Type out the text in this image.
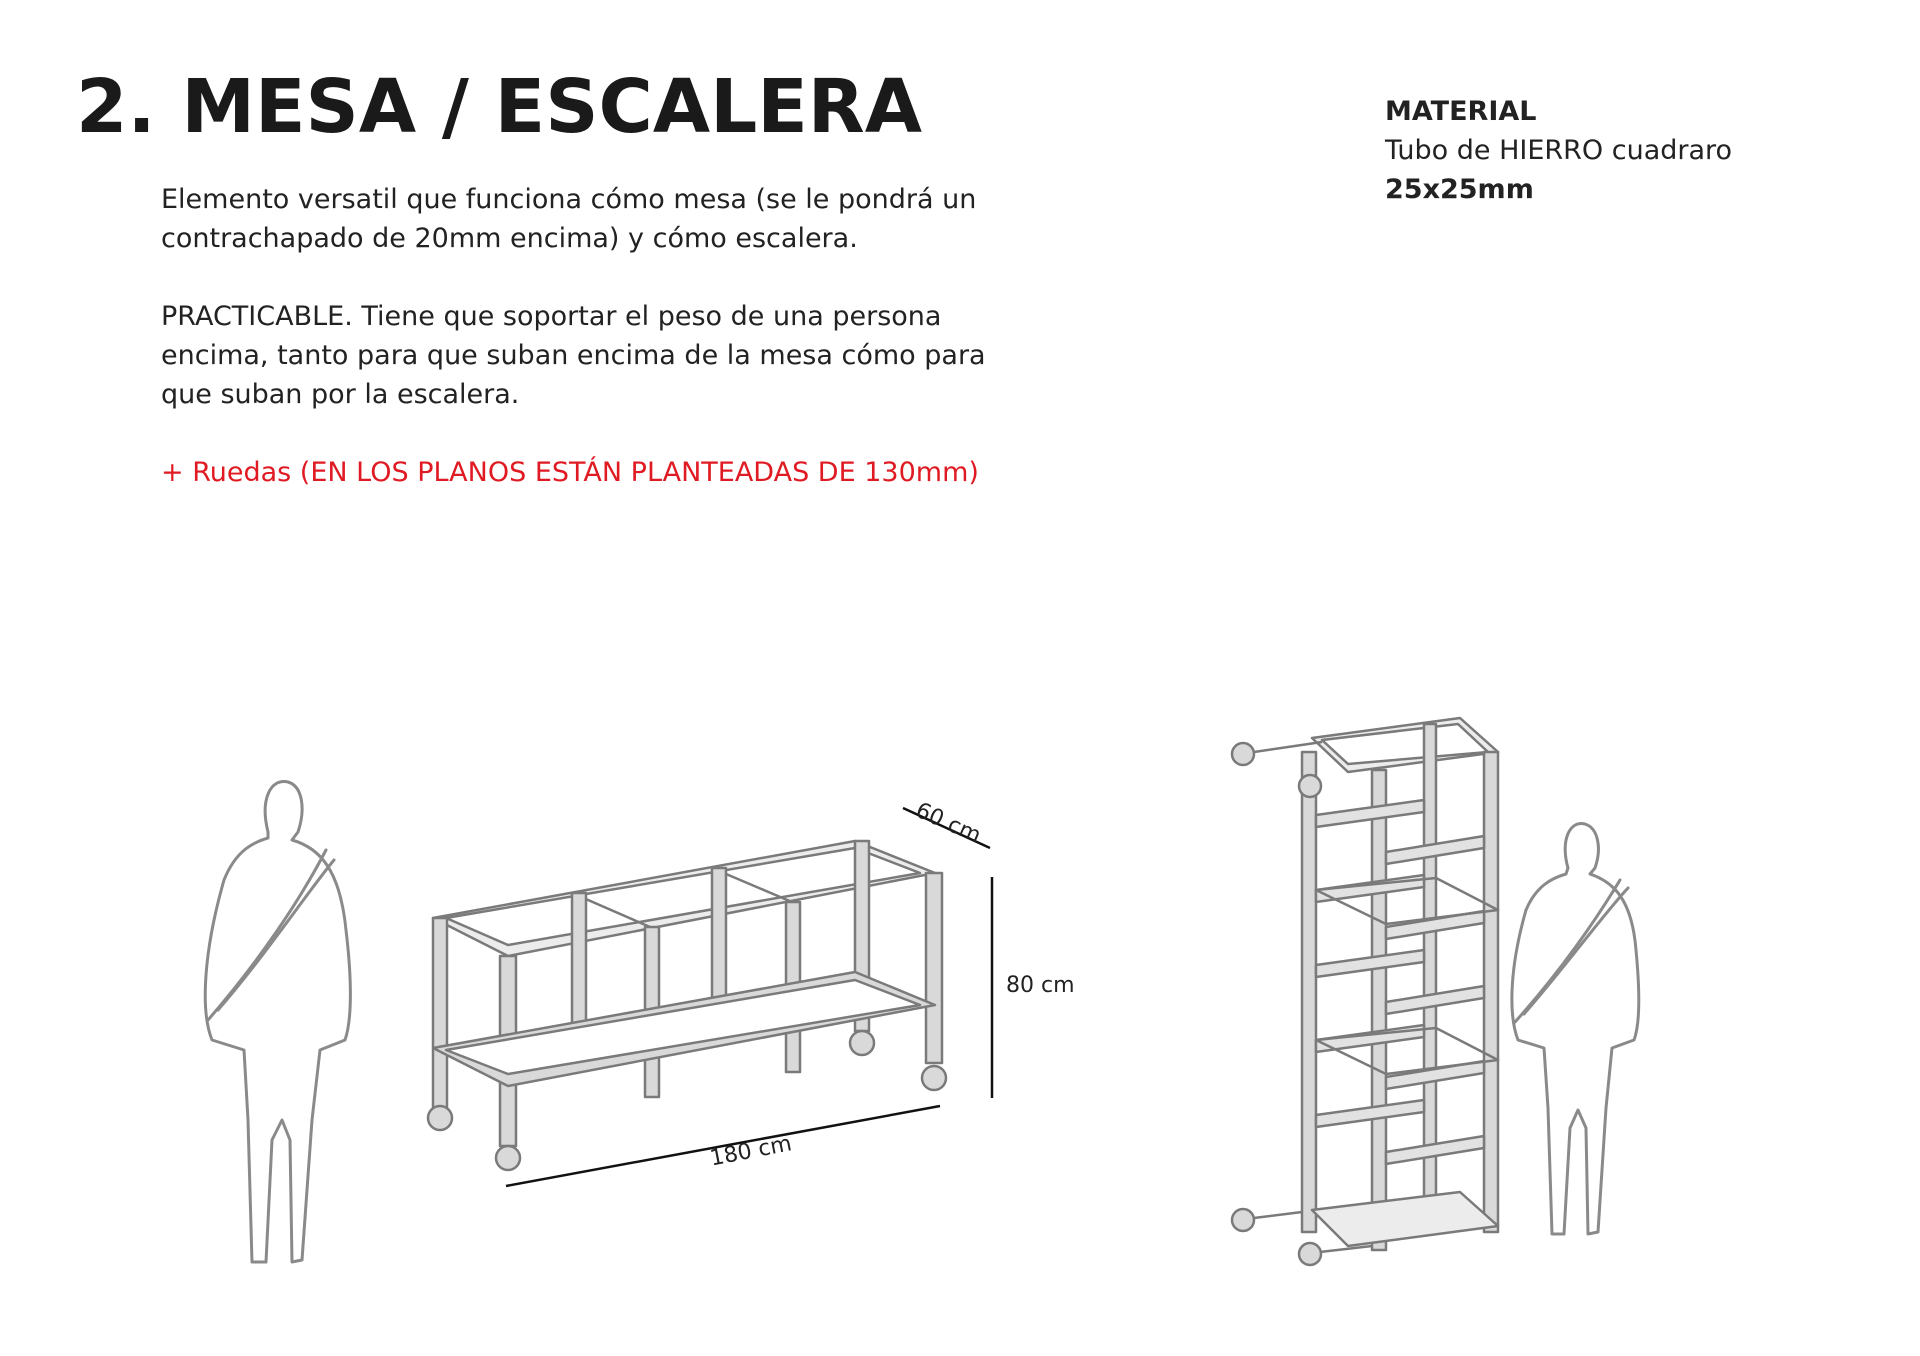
2. MESA / ESCALERA

Elemento versatil que funciona cómo mesa (se le pondrá un contrachapado de 20mm encima) y cómo escalera.

PRACTICABLE. Tiene que soportar el peso de una persona encima, tanto para que suban encima de la mesa cómo para que suban por la escalera.

+ Ruedas (EN LOS PLANOS ESTÁN PLANTEADAS DE 130mm)

MATERIAL
Tubo de HIERRO cuadraro
25x25mm
60 cm
80 cm
180 cm
